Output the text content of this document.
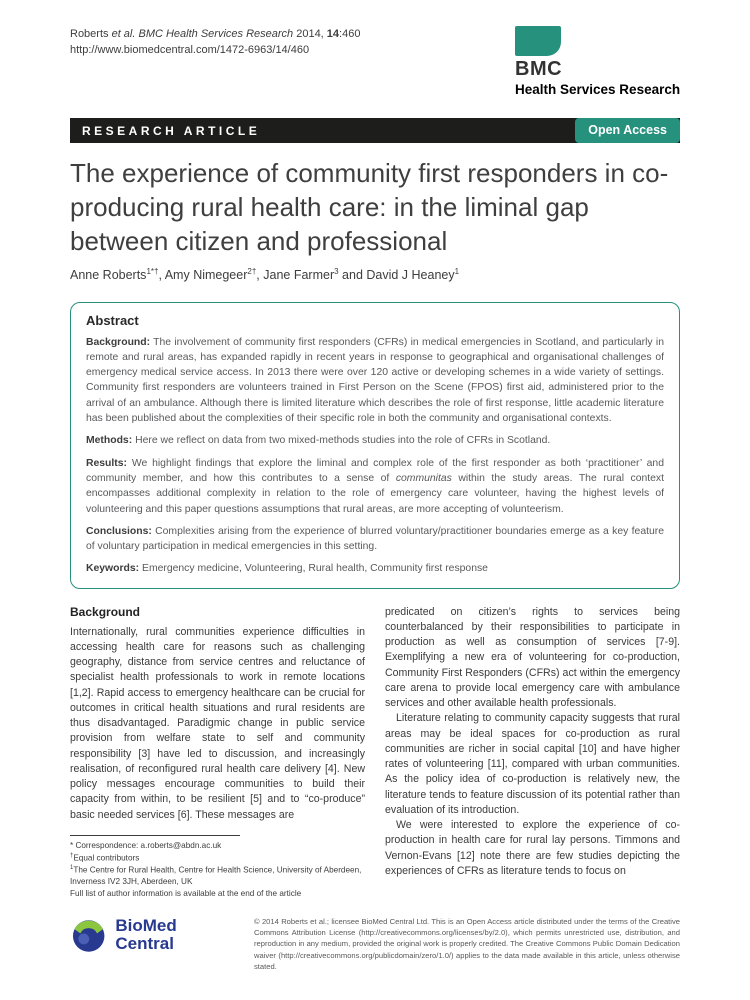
Roberts et al. BMC Health Services Research 2014, 14:460
http://www.biomedcentral.com/1472-6963/14/460
BMC
Health Services Research
RESEARCH ARTICLE	Open Access
The experience of community first responders in co-producing rural health care: in the liminal gap between citizen and professional
Anne Roberts$^{1*\dagger}$, Amy Nimegeer$^{2\dagger}$, Jane Farmer$^3$ and David J Heaney$^1$
Abstract
Background: The involvement of community first responders (CFRs) in medical emergencies in Scotland, and particularly in remote and rural areas, has expanded rapidly in recent years in response to geographical and organisational challenges of emergency medical service access. In 2013 there were over 120 active or developing schemes in a wide variety of settings. Community first responders are volunteers trained in First Person on the Scene (FPOS) first aid, administered prior to the arrival of an ambulance. Although there is limited literature which describes the role of first response, little academic literature has been published about the complexities of their specific role in both the community and organisational contexts.
Methods: Here we reflect on data from two mixed-methods studies into the role of CFRs in Scotland.
Results: We highlight findings that explore the liminal and complex role of the first responder as both ‘practitioner’ and community member, and how this contributes to a sense of communitas within the study areas. The rural context encompasses additional complexity in relation to the role of emergency care volunteer, having the highest levels of volunteering and this paper questions assumptions that rural areas, are more accepting of volunteerism.
Conclusions: Complexities arising from the experience of blurred voluntary/practitioner boundaries emerge as a key feature of voluntary participation in medical emergencies in this setting.
Keywords: Emergency medicine, Volunteering, Rural health, Community first response
Background

Internationally, rural communities experience difficulties in accessing health care for reasons such as challenging geography, distance from service centres and reluctance of specialist health professionals to work in remote locations [1,2]. Rapid access to emergency healthcare can be crucial for outcomes in critical health situations and rural residents are thus disadvantaged. Paradigmic change in public service provision from welfare state to self and community responsibility [3] have led to discussion, and increasingly realisation, of reconfigured rural health care delivery [4]. New policy messages encourage communities to build their capacity from within, to be resilient [5] and to “co-produce” basic needed services [6]. These messages are

* Correspondence: a.roberts@abdn.ac.uk
†Equal contributors
$^1$The Centre for Rural Health, Centre for Health Science, University of Aberdeen, Inverness IV2 3JH, Aberdeen, UK
Full list of author information is available at the end of the article

predicated on citizen’s rights to services being counterbalanced by their responsibilities to participate in production as well as consumption of services [7-9]. Exemplifying a new era of volunteering for co-production, Community First Responders (CFRs) act within the emergency care arena to provide local emergency care with ambulance services and other available health professionals.

Literature relating to community capacity suggests that rural areas may be ideal spaces for co-production as rural communities are richer in social capital [10] and have higher rates of volunteering [11], compared with urban communities. As the policy idea of co-production is relatively new, the literature tends to feature discussion of its potential rather than evaluation of its introduction.

We were interested to explore the experience of co-production in health care for rural lay persons. Timmons and Vernon-Evans [12] note there are few studies depicting the experiences of CFRs as literature tends to focus on

BioMed Central
© 2014 Roberts et al.; licensee BioMed Central Ltd. This is an Open Access article distributed under the terms of the Creative Commons Attribution License (http://creativecommons.org/licenses/by/2.0), which permits unrestricted use, distribution, and reproduction in any medium, provided the original work is properly credited. The Creative Commons Public Domain Dedication waiver (http://creativecommons.org/publicdomain/zero/1.0/) applies to the data made available in this article, unless otherwise stated.
